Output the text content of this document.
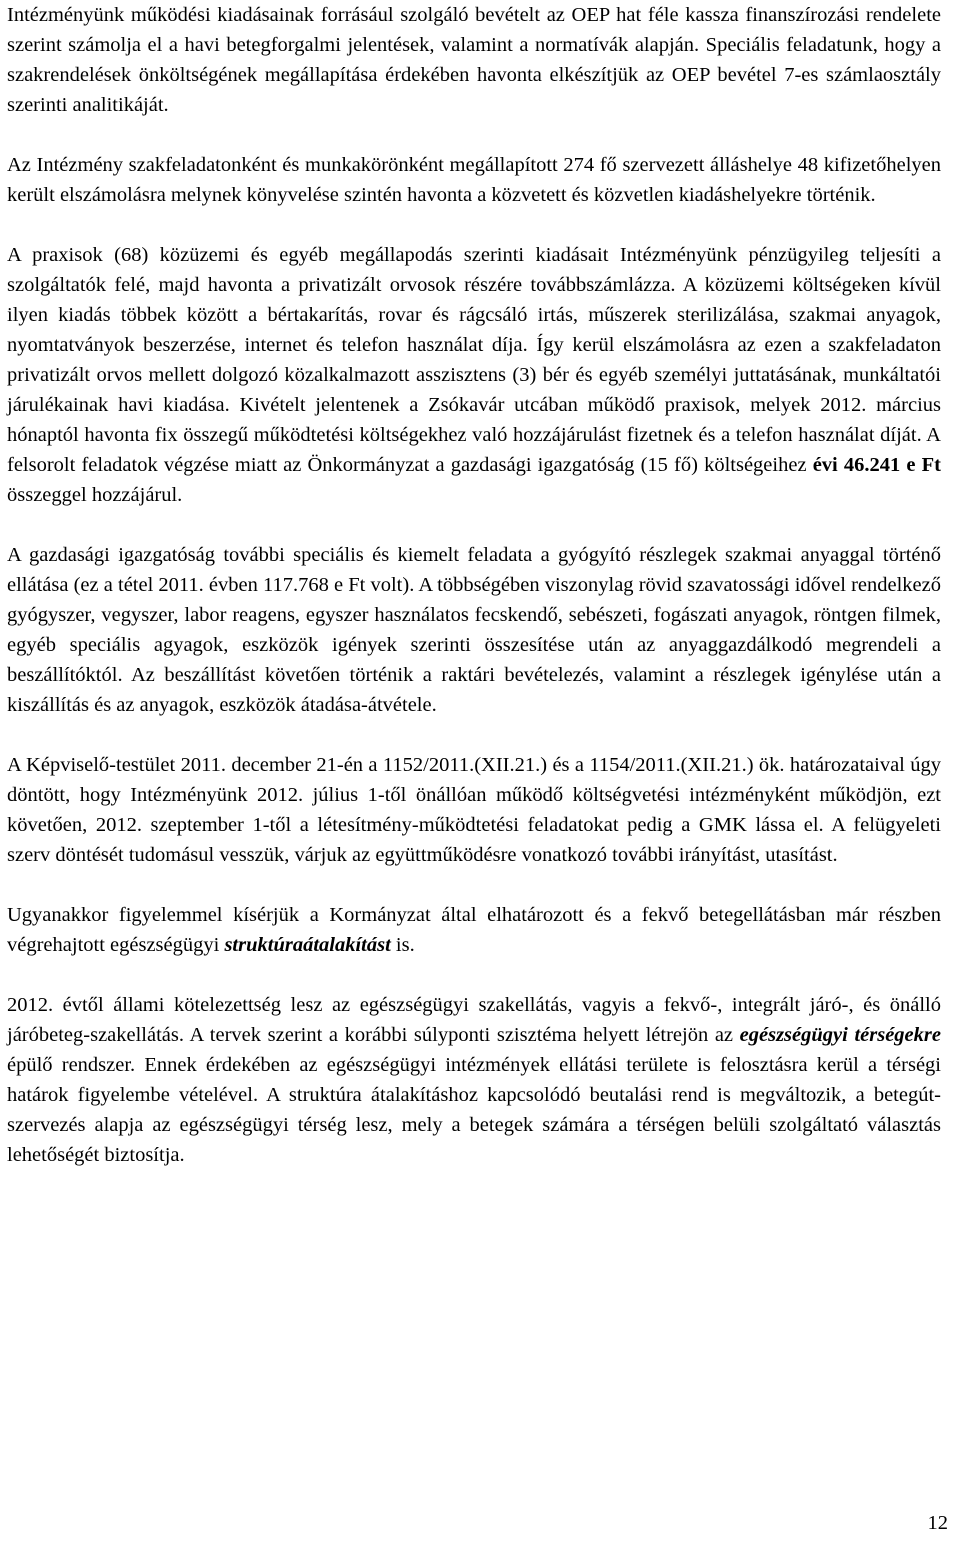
Intézményünk működési kiadásainak forrásául szolgáló bevételt az OEP hat féle kassza finanszírozási rendelete szerint számolja el a havi betegforgalmi jelentések, valamint a normatívák alapján. Speciális feladatunk, hogy a szakrendelések önköltségének megállapítása érdekében havonta elkészítjük az OEP bevétel 7-es számlaosztály szerinti analitikáját.

Az Intézmény szakfeladatonként és munkakörönként megállapított 274 fő szervezett álláshelye 48 kifizetőhelyen került elszámolásra melynek könyvelése szintén havonta a közvetett és közvetlen kiadáshelyekre történik.

A praxisok (68) közüzemi és egyéb megállapodás szerinti kiadásait Intézményünk pénzügyileg teljesíti a szolgáltatók felé, majd havonta a privatizált orvosok részére továbbszámlázza. A közüzemi költségeken kívül ilyen kiadás többek között a bértakarítás, rovar és rágcsáló irtás, műszerek sterilizálása, szakmai anyagok, nyomtatványok beszerzése, internet és telefon használat díja. Így kerül elszámolásra az ezen a szakfeladaton privatizált orvos mellett dolgozó közalkalmazott asszisztens (3) bér és egyéb személyi juttatásának, munkáltatói járulékainak havi kiadása. Kivételt jelentenek a Zsókavár utcában működő praxisok, melyek 2012. március hónaptól havonta fix összegű működtetési költségekhez való hozzájárulást fizetnek és a telefon használat díját. A felsorolt feladatok végzése miatt az Önkormányzat a gazdasági igazgatóság (15 fő) költségeihez évi 46.241 e Ft összeggel hozzájárul.

A gazdasági igazgatóság további speciális és kiemelt feladata a gyógyító részlegek szakmai anyaggal történő ellátása (ez a tétel 2011. évben 117.768 e Ft volt). A többségében viszonylag rövid szavatossági idővel rendelkező gyógyszer, vegyszer, labor reagens, egyszer használatos fecskendő, sebészeti, fogászati anyagok, röntgen filmek, egyéb speciális agyagok, eszközök igények szerinti összesítése után az anyaggazdálkodó megrendeli a beszállítóktól. Az beszállítást követően történik a raktári bevételezés, valamint a részlegek igénylése után a kiszállítás és az anyagok, eszközök átadása-átvétele.

A Képviselő-testület 2011. december 21-én a 1152/2011.(XII.21.) és a 1154/2011.(XII.21.) ök. határozataival úgy döntött, hogy Intézményünk 2012. július 1-től önállóan működő költségvetési intézményként működjön, ezt követően, 2012. szeptember 1-től a létesítmény-működtetési feladatokat pedig a GMK lássa el. A felügyeleti szerv döntését tudomásul vesszük, várjuk az együttműködésre vonatkozó további irányítást, utasítást.

Ugyanakkor figyelemmel kísérjük a Kormányzat által elhatározott és a fekvő betegellátásban már részben végrehajtott egészségügyi struktúraátalakítást is.

2012. évtől állami kötelezettség lesz az egészségügyi szakellátás, vagyis a fekvő-, integrált járó-, és önálló járóbeteg-szakellátás. A tervek szerint a korábbi súlyponti szisztéma helyett létrejön az egészségügyi térségekre épülő rendszer. Ennek érdekében az egészségügyi intézmények ellátási területe is felosztásra kerül a térségi határok figyelembe vételével. A struktúra átalakításhoz kapcsolódó beutalási rend is megváltozik, a betegút-szervezés alapja az egészségügyi térség lesz, mely a betegek számára a térségen belüli szolgáltató választás lehetőségét biztosítja.

12
